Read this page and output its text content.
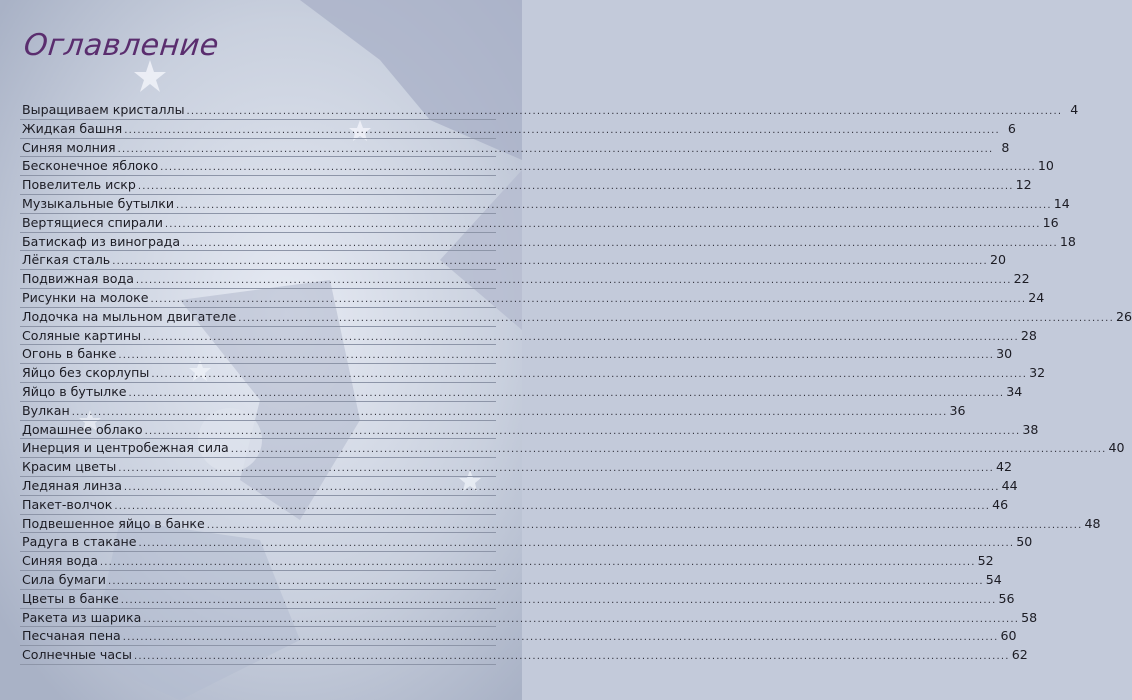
Оглавление
Выращиваем кристаллы ........................................................................................................................................................................................................ 4
Жидкая башня ........................................................................................................................................................................................................ 6
Синяя молния ........................................................................................................................................................................................................ 8
Бесконечное яблоко ........................................................................................................................................................................................................ 10
Повелитель искр ........................................................................................................................................................................................................ 12
Музыкальные бутылки ........................................................................................................................................................................................................ 14
Вертящиеся спирали ........................................................................................................................................................................................................ 16
Батискаф из винограда ........................................................................................................................................................................................................ 18
Лёгкая сталь ........................................................................................................................................................................................................ 20
Подвижная вода ........................................................................................................................................................................................................ 22
Рисунки на молоке ........................................................................................................................................................................................................ 24
Лодочка на мыльном двигателе ........................................................................................................................................................................................................ 26
Соляные картины ........................................................................................................................................................................................................ 28
Огонь в банке ........................................................................................................................................................................................................ 30
Яйцо без скорлупы ........................................................................................................................................................................................................ 32
Яйцо в бутылке ........................................................................................................................................................................................................ 34
Вулкан ........................................................................................................................................................................................................ 36
Домашнее облако ........................................................................................................................................................................................................ 38
Инерция и центробежная сила ........................................................................................................................................................................................................ 40
Красим цветы ........................................................................................................................................................................................................ 42
Ледяная линза ........................................................................................................................................................................................................ 44
Пакет-волчок ........................................................................................................................................................................................................ 46
Подвешенное яйцо в банке ........................................................................................................................................................................................................ 48
Радуга в стакане ........................................................................................................................................................................................................ 50
Синяя вода ........................................................................................................................................................................................................ 52
Сила бумаги ........................................................................................................................................................................................................ 54
Цветы в банке ........................................................................................................................................................................................................ 56
Ракета из шарика ........................................................................................................................................................................................................ 58
Песчаная пена ........................................................................................................................................................................................................ 60
Солнечные часы ........................................................................................................................................................................................................ 62
